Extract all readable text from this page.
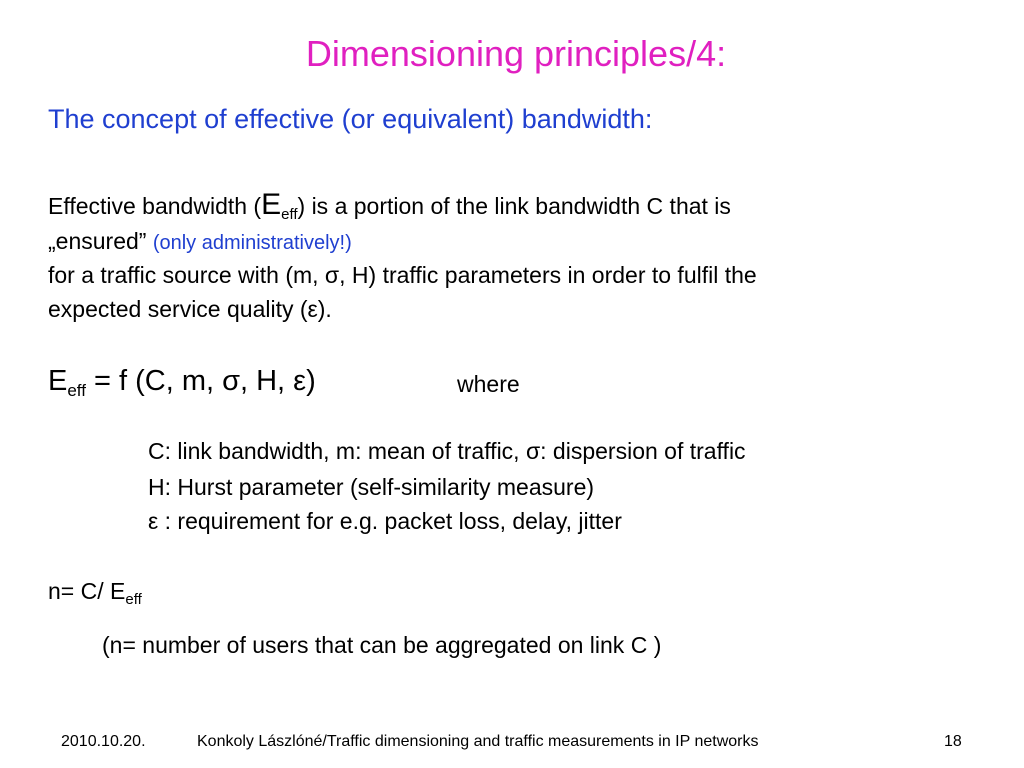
Dimensioning principles/4:
The concept of effective (or equivalent) bandwidth:
Effective bandwidth $(E_{eff})$ is a portion of the link bandwidth C that is
„ensured” (only administratively!)
for a traffic source with (m, σ, H) traffic parameters in order to fulfil the
expected service quality (ε).
$E_{eff} = f$ (C, m, σ, H, ε)	where
C: link bandwidth, m: mean of traffic, σ: dispersion of traffic
H: Hurst parameter (self-similarity measure)
ε : requirement for e.g. packet loss, delay, jitter
n= C/ $E_{eff}$
(n= number of users that can be aggregated on link C )
2010.10.20.	Konkoly Lászlóné/Traffic dimensioning and traffic measurements in IP networks	18
